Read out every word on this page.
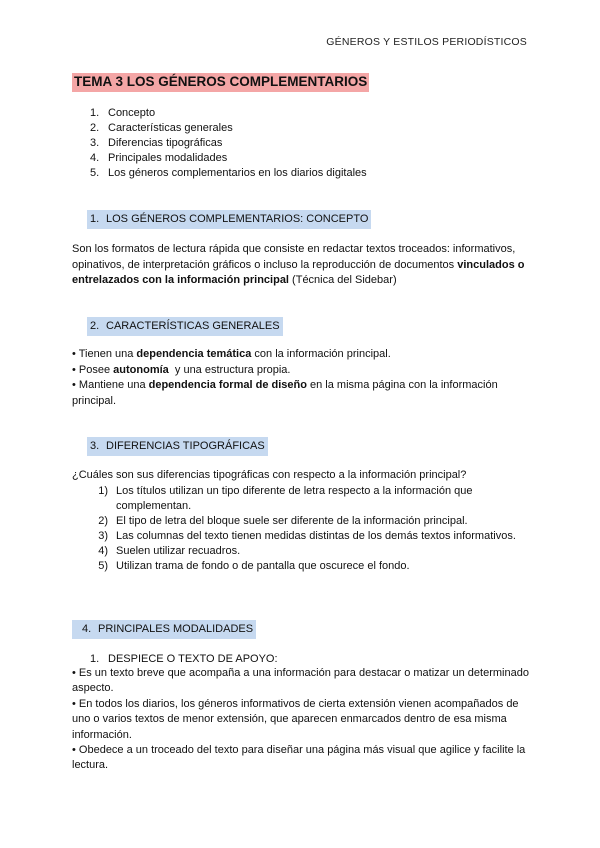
GÉNEROS Y ESTILOS PERIODÍSTICOS
TEMA 3 LOS GÉNEROS COMPLEMENTARIOS
1. Concepto
2. Características generales
3. Diferencias tipográficas
4. Principales modalidades
5. Los géneros complementarios en los diarios digitales
1. LOS GÉNEROS COMPLEMENTARIOS: CONCEPTO
Son los formatos de lectura rápida que consiste en redactar textos troceados: informativos, opinativos, de interpretación gráficos o incluso la reproducción de documentos vinculados o entrelazados con la información principal (Técnica del Sidebar)
2. CARACTERÍSTICAS GENERALES
• Tienen una dependencia temática con la información principal.
• Posee autonomía  y una estructura propia.
• Mantiene una dependencia formal de diseño en la misma página con la información principal.
3. DIFERENCIAS TIPOGRÁFICAS
¿Cuáles son sus diferencias tipográficas con respecto a la información principal?
1) Los títulos utilizan un tipo diferente de letra respecto a la información que complementan.
2) El tipo de letra del bloque suele ser diferente de la información principal.
3) Las columnas del texto tienen medidas distintas de los demás textos informativos.
4) Suelen utilizar recuadros.
5) Utilizan trama de fondo o de pantalla que oscurece el fondo.
4. PRINCIPALES MODALIDADES
1. DESPIECE O TEXTO DE APOYO:
• Es un texto breve que acompaña a una información para destacar o matizar un determinado aspecto.
• En todos los diarios, los géneros informativos de cierta extensión vienen acompañados de uno o varios textos de menor extensión, que aparecen enmarcados dentro de esa misma información.
• Obedece a un troceado del texto para diseñar una página más visual que agilice y facilite la lectura.
